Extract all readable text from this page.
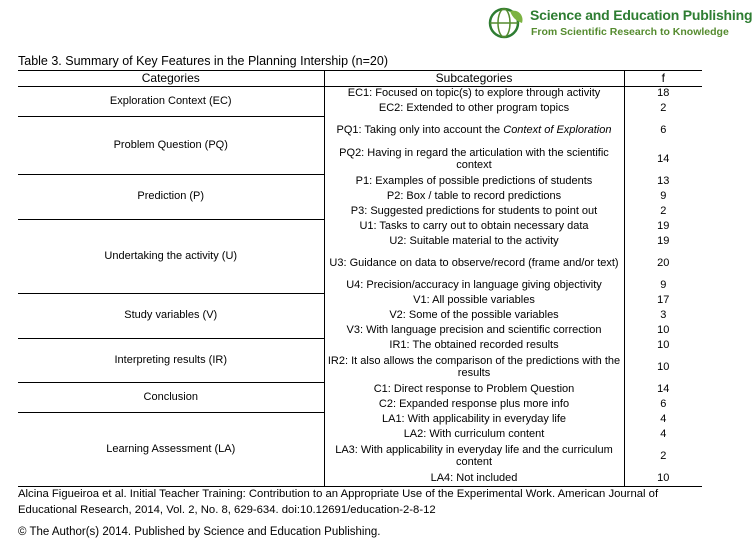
Science and Education Publishing
From Scientific Research to Knowledge
Table 3. Summary of Key Features in the Planning Intership (n=20)
Categories	Subcategories	f
Exploration Context (EC)	EC1: Focused on topic(s) to explore through activity	18
	EC2: Extended to other program topics	2
Problem Question (PQ)	PQ1: Taking only into account the Context of Exploration	6
	PQ2: Having in regard the articulation with the scientific context	14
Prediction (P)	P1: Examples of possible predictions of students	13
	P2: Box / table to record predictions	9
	P3: Suggested predictions for students to point out	2
Undertaking the activity (U)	U1: Tasks to carry out to obtain necessary data	19
	U2: Suitable material to the activity	19
	U3: Guidance on data to observe/record (frame and/or text)	20
	U4: Precision/accuracy in language giving objectivity	9
Study variables (V)	V1: All possible variables	17
	V2: Some of the possible variables	3
	V3: With language precision and scientific correction	10
Interpreting results (IR)	IR1: The obtained recorded results	10
	IR2: It also allows the comparison of the predictions with the results	10
Conclusion	C1: Direct response to Problem Question	14
	C2: Expanded response plus more info	6
Learning Assessment (LA)	LA1: With applicability in everyday life	4
	LA2: With curriculum content	4
	LA3: With applicability in everyday life and the curriculum content	2
	LA4: Not included	10
Alcina Figueiroa et al. Initial Teacher Training: Contribution to an Appropriate Use of the Experimental Work. American Journal of Educational Research, 2014, Vol. 2, No. 8, 629-634. doi:10.12691/education-2-8-12
© The Author(s) 2014. Published by Science and Education Publishing.
